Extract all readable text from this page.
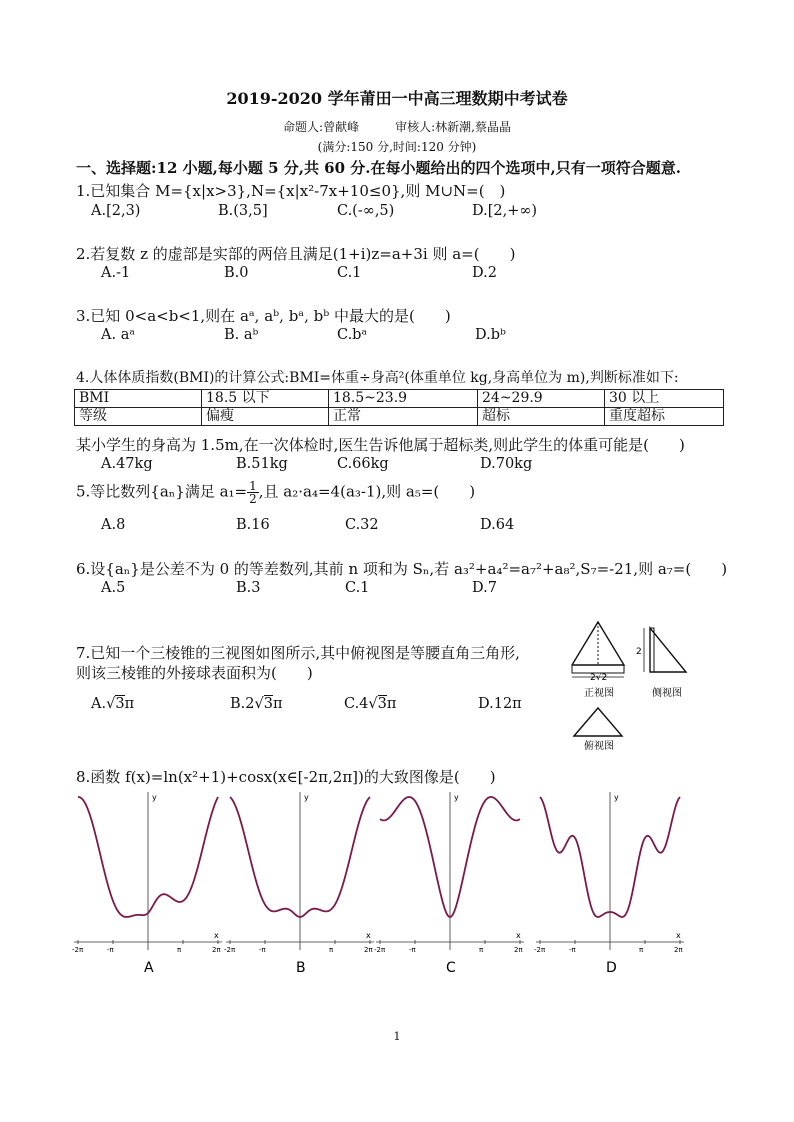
2019-2020 学年莆田一中高三理数期中考试卷
命题人:曾献峰　　　审核人:林新潮,蔡晶晶
(满分:150 分,时间:120 分钟)
一、选择题:12 小题,每小题 5 分,共 60 分.在每小题给出的四个选项中,只有一项符合题意.
1.已知集合 M={x|x>3},N={x|x²-7x+10≤0},则 M∪N=(　)
A.[2,3)	B.(3,5]	C.(-∞,5)	D.[2,+∞)
2.若复数 z 的虚部是实部的两倍且满足(1+i)z=a+3i 则 a=(　　)
A.-1	B.0	C.1	D.2
3.已知 0<a<b<1,则在 aᵃ, aᵇ, bᵃ, bᵇ 中最大的是(　　)
A. aᵃ	B. aᵇ	C.bᵃ	D.bᵇ
4.人体体质指数(BMI)的计算公式:BMI=体重÷身高²(体重单位 kg,身高单位为 m),判断标准如下:
BMI	18.5 以下	18.5~23.9	24~29.9	30 以上
等级	偏瘦	正常	超标	重度超标
某小学生的身高为 1.5m,在一次体检时,医生告诉他属于超标类,则此学生的体重可能是(　　)
A.47kg	B.51kg	C.66kg	D.70kg
5.等比数列{aₙ}满足 $a_1= \frac{1}{2}$ ,且 a₂·a₄=4(a₃-1),则 a₅=(　　)
A.8	B.16	C.32	D.64
6.设{aₙ}是公差不为 0 的等差数列,其前 n 项和为 Sₙ,若 a₃²+a₄²=a₇²+a₈²,S₇=-21,则 a₇=(　　)
A.5	B.3	C.1	D.7
7.已知一个三棱锥的三视图如图所示,其中俯视图是等腰直角三角形,
则该三棱锥的外接球表面积为(　　)
A.√3π	B.2√3π	C.4√3π	D.12π
2√2
正视图
2
侧视图
俯视图
8.函数 f(x)=ln(x²+1)+cosx(x∈[-2π,2π])的大致图像是(　　)
y
x
-2π	-π	π	2π
A
y
x
-2π	-π	π	2π
B
y
x
-2π	-π	π	2π
C
y
x
-2π	-π	π	2π
D
1
